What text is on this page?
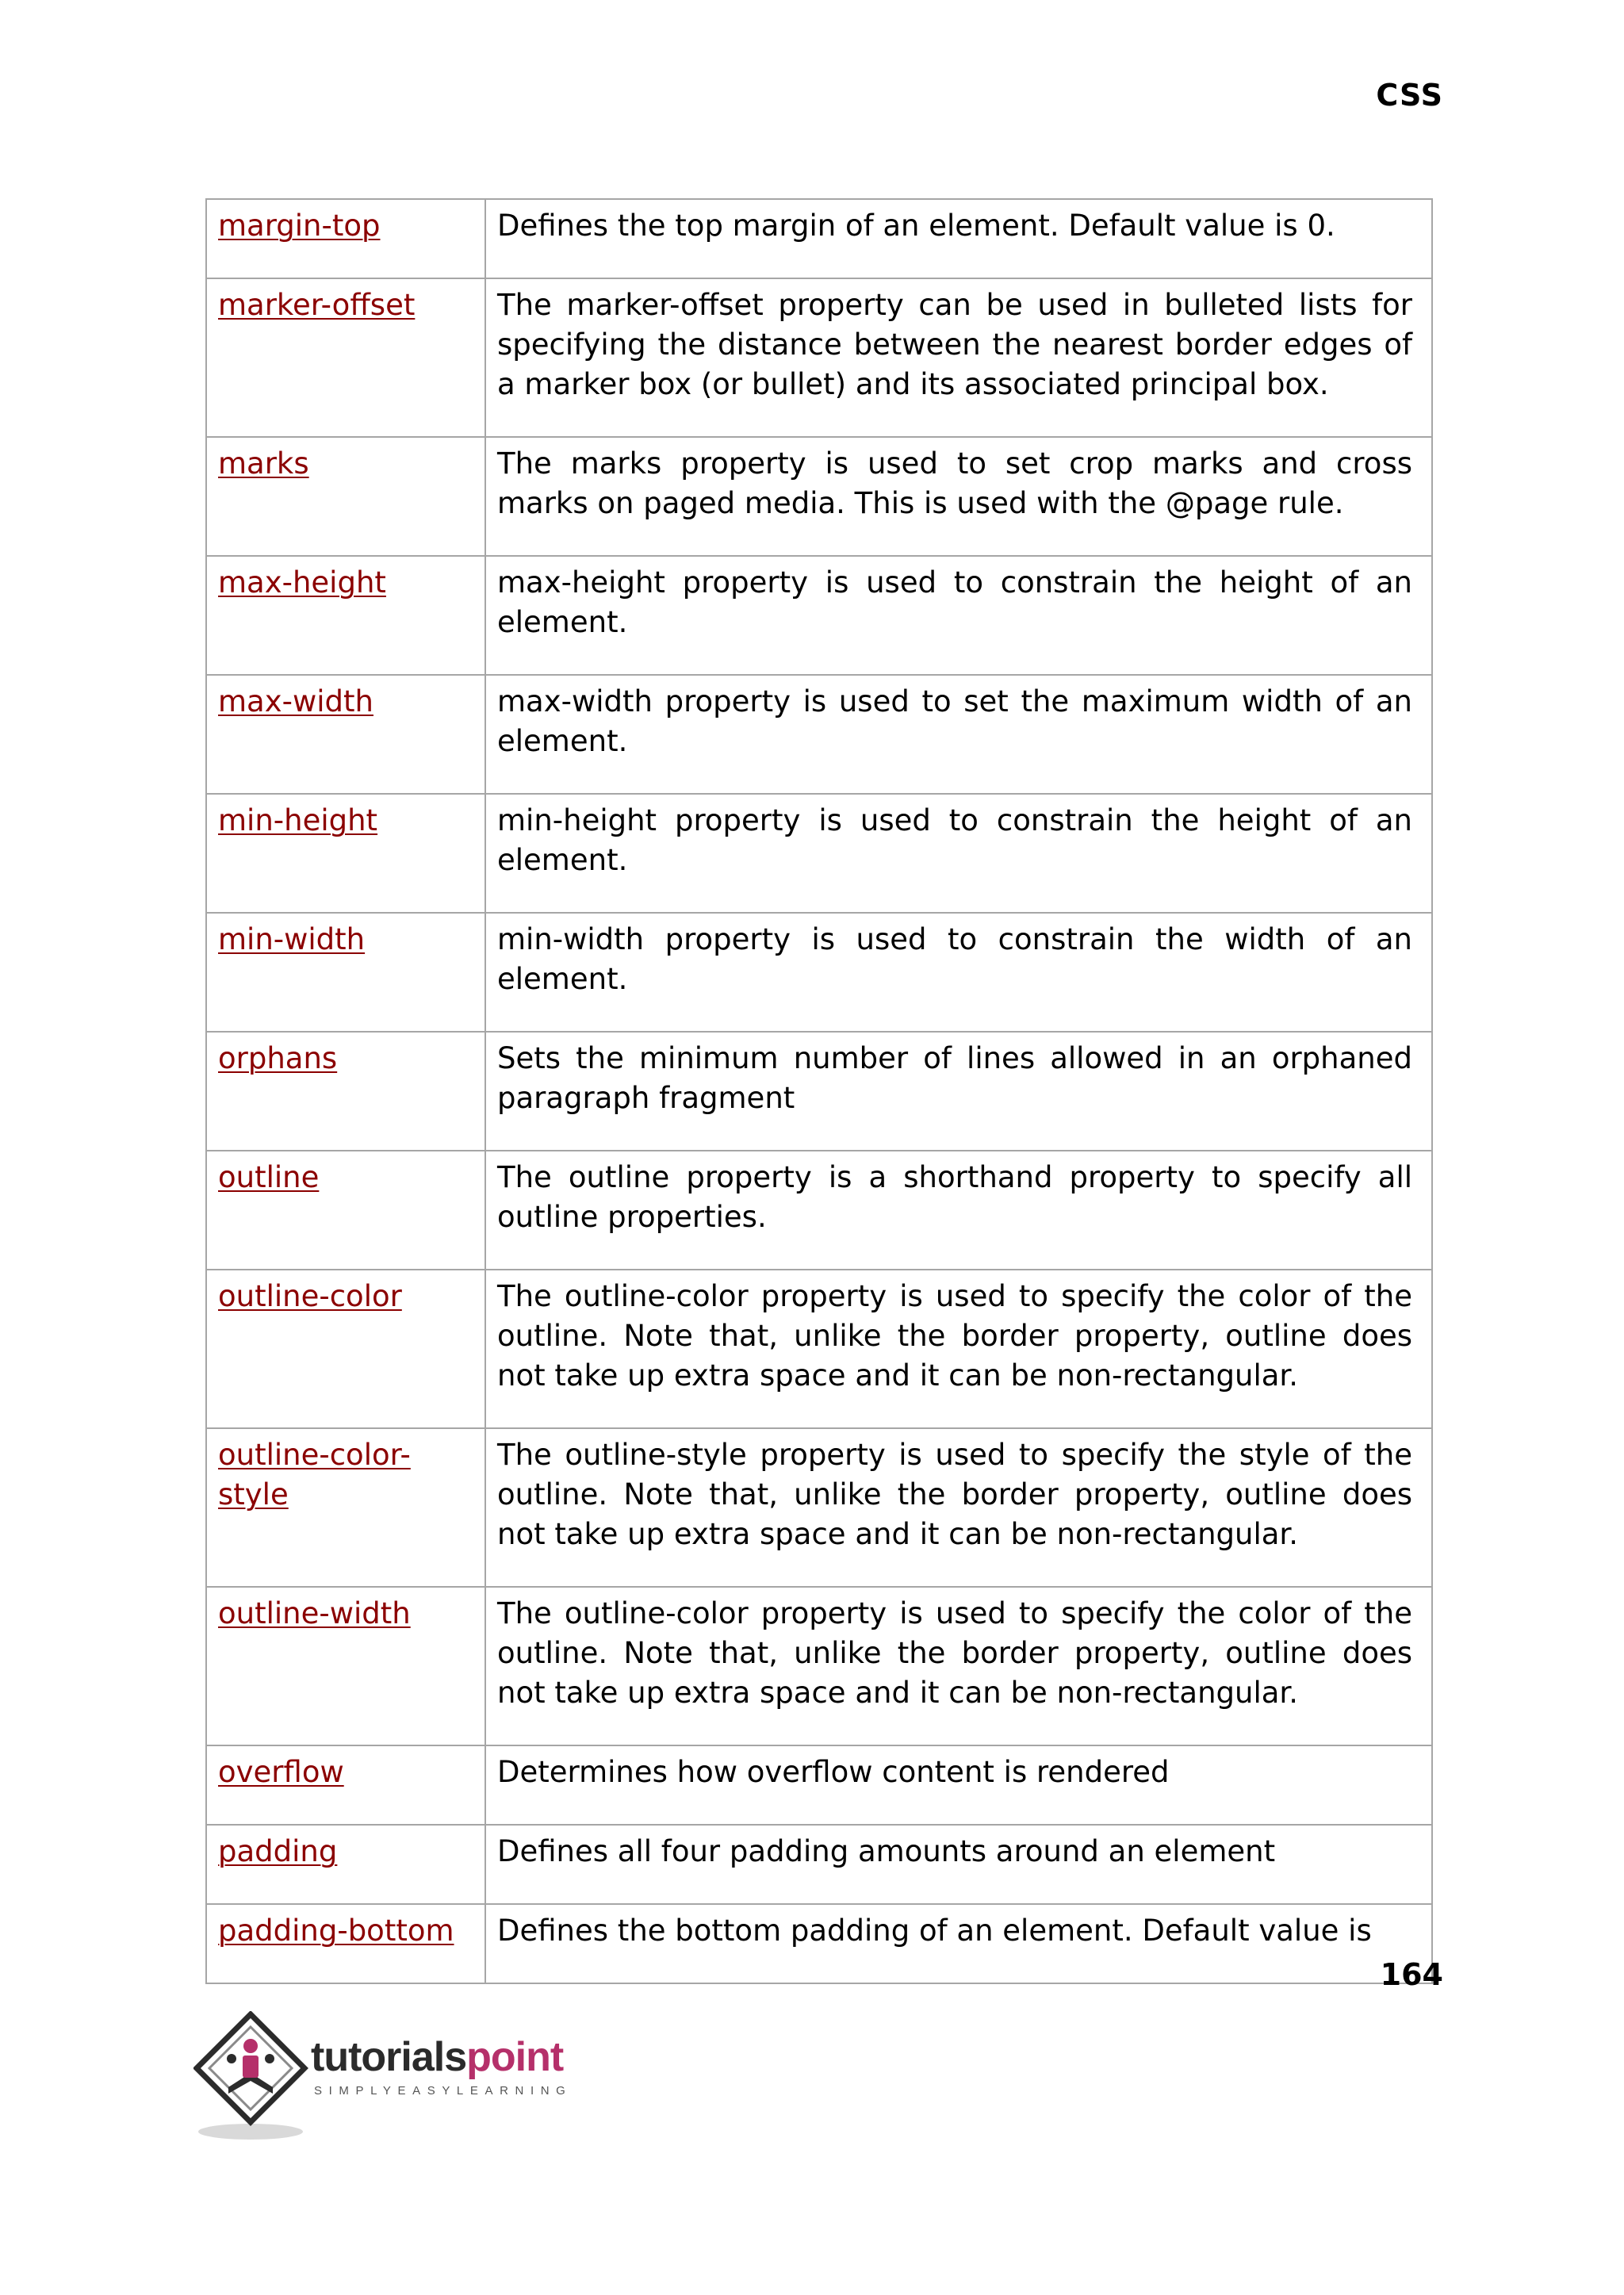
CSS
margin-top	Defines the top margin of an element. Default value is 0.
marker-offset	The marker-offset property can be used in bulleted lists for specifying the distance between the nearest border edges of a marker box (or bullet) and its associated principal box.
marks	The marks property is used to set crop marks and cross marks on paged media. This is used with the @page rule.
max-height	max-height property is used to constrain the height of an element.
max-width	max-width property is used to set the maximum width of an element.
min-height	min-height property is used to constrain the height of an element.
min-width	min-width property is used to constrain the width of an element.
orphans	Sets the minimum number of lines allowed in an orphaned paragraph fragment
outline	The outline property is a shorthand property to specify all outline properties.
outline-color	The outline-color property is used to specify the color of the outline. Note that, unlike the border property, outline does not take up extra space and it can be non-rectangular.
outline-color-style	The outline-style property is used to specify the style of the outline. Note that, unlike the border property, outline does not take up extra space and it can be non-rectangular.
outline-width	The outline-color property is used to specify the color of the outline. Note that, unlike the border property, outline does not take up extra space and it can be non-rectangular.
overflow	Determines how overflow content is rendered
padding	Defines all four padding amounts around an element
padding-bottom	Defines the bottom padding of an element. Default value is
164
tutorialspoint
SIMPLYEASYLEARNING
